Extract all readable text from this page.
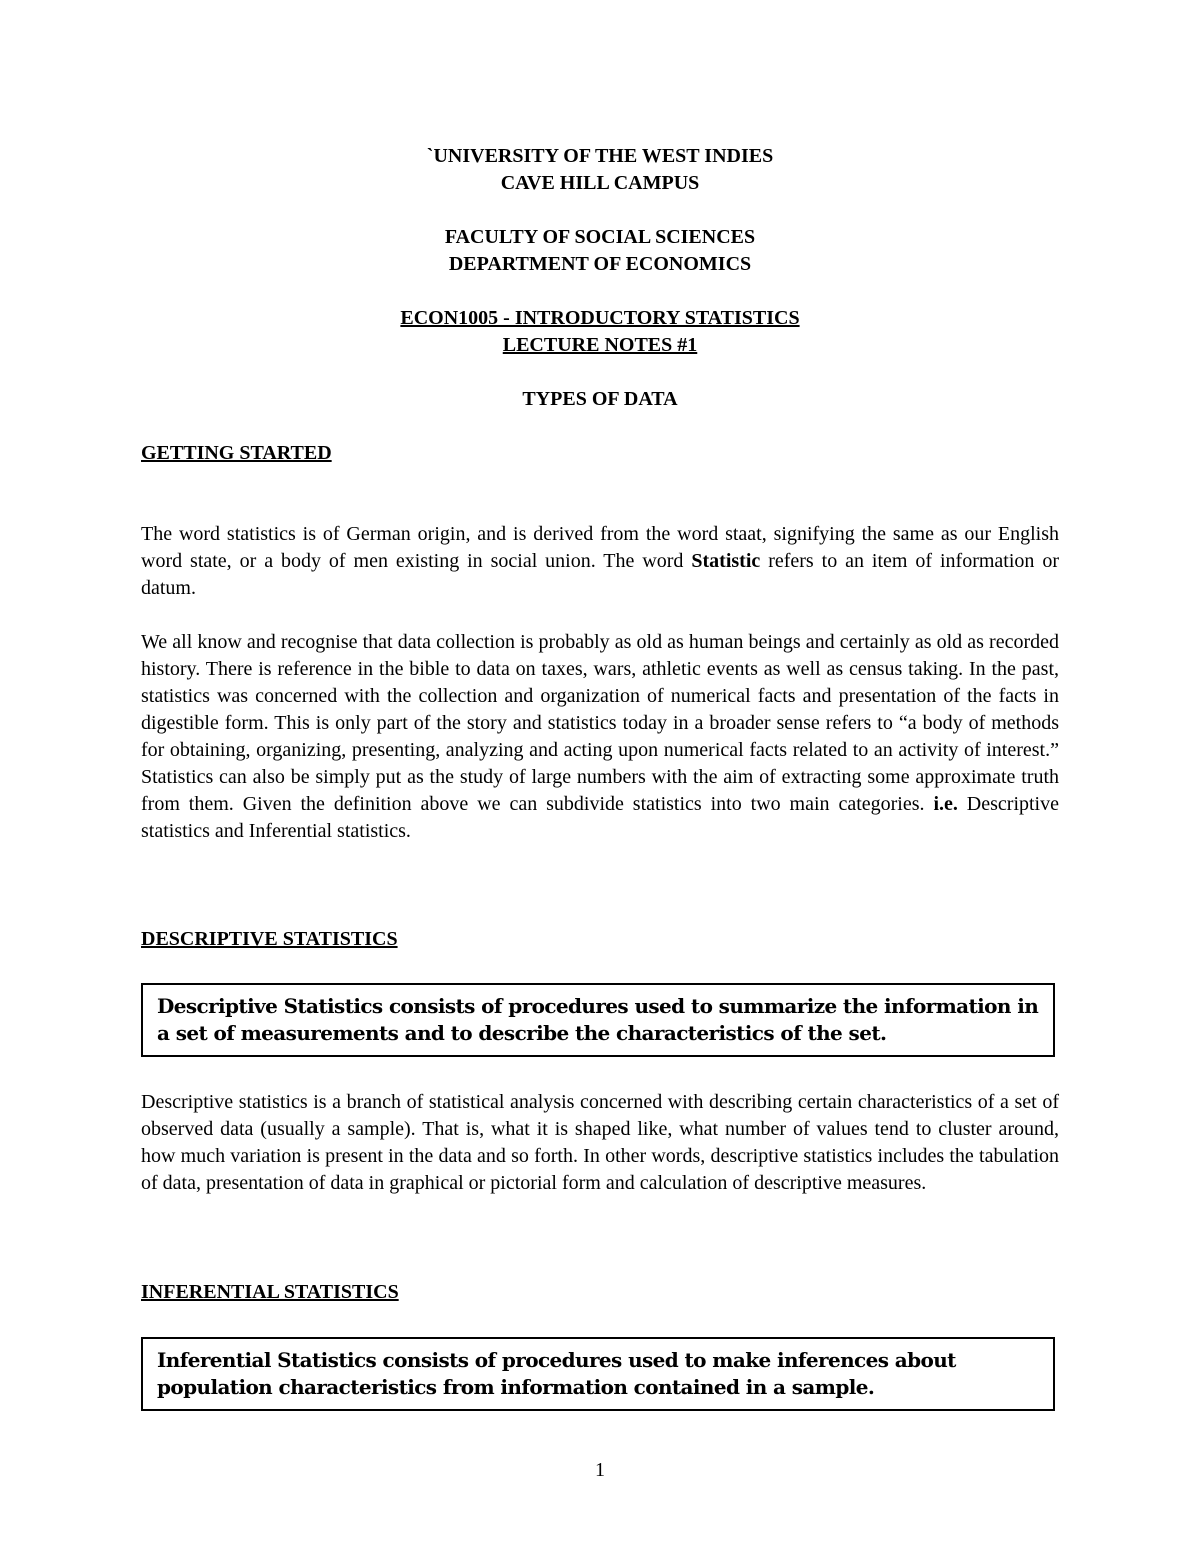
`UNIVERSITY OF THE WEST INDIES
CAVE HILL CAMPUS
FACULTY OF SOCIAL SCIENCES
DEPARTMENT OF ECONOMICS
ECON1005 - INTRODUCTORY STATISTICS
LECTURE NOTES #1
TYPES OF DATA
GETTING STARTED

The word statistics is of German origin, and is derived from the word staat, signifying the same as our English word state, or a body of men existing in social union. The word Statistic refers to an item of information or datum.

We all know and recognise that data collection is probably as old as human beings and certainly as old as recorded history. There is reference in the bible to data on taxes, wars, athletic events as well as census taking. In the past, statistics was concerned with the collection and organization of numerical facts and presentation of the facts in digestible form. This is only part of the story and statistics today in a broader sense refers to “a body of methods for obtaining, organizing, presenting, analyzing and acting upon numerical facts related to an activity of interest.” Statistics can also be simply put as the study of large numbers with the aim of extracting some approximate truth from them. Given the definition above we can subdivide statistics into two main categories. i.e. Descriptive statistics and Inferential statistics.

DESCRIPTIVE STATISTICS
Descriptive Statistics consists of procedures used to summarize the information in a set of measurements and to describe the characteristics of the set.

Descriptive statistics is a branch of statistical analysis concerned with describing certain characteristics of a set of observed data (usually a sample). That is, what it is shaped like, what number of values tend to cluster around, how much variation is present in the data and so forth. In other words, descriptive statistics includes the tabulation of data, presentation of data in graphical or pictorial form and calculation of descriptive measures.

INFERENTIAL STATISTICS
Inferential Statistics consists of procedures used to make inferences about population characteristics from information contained in a sample.
1
